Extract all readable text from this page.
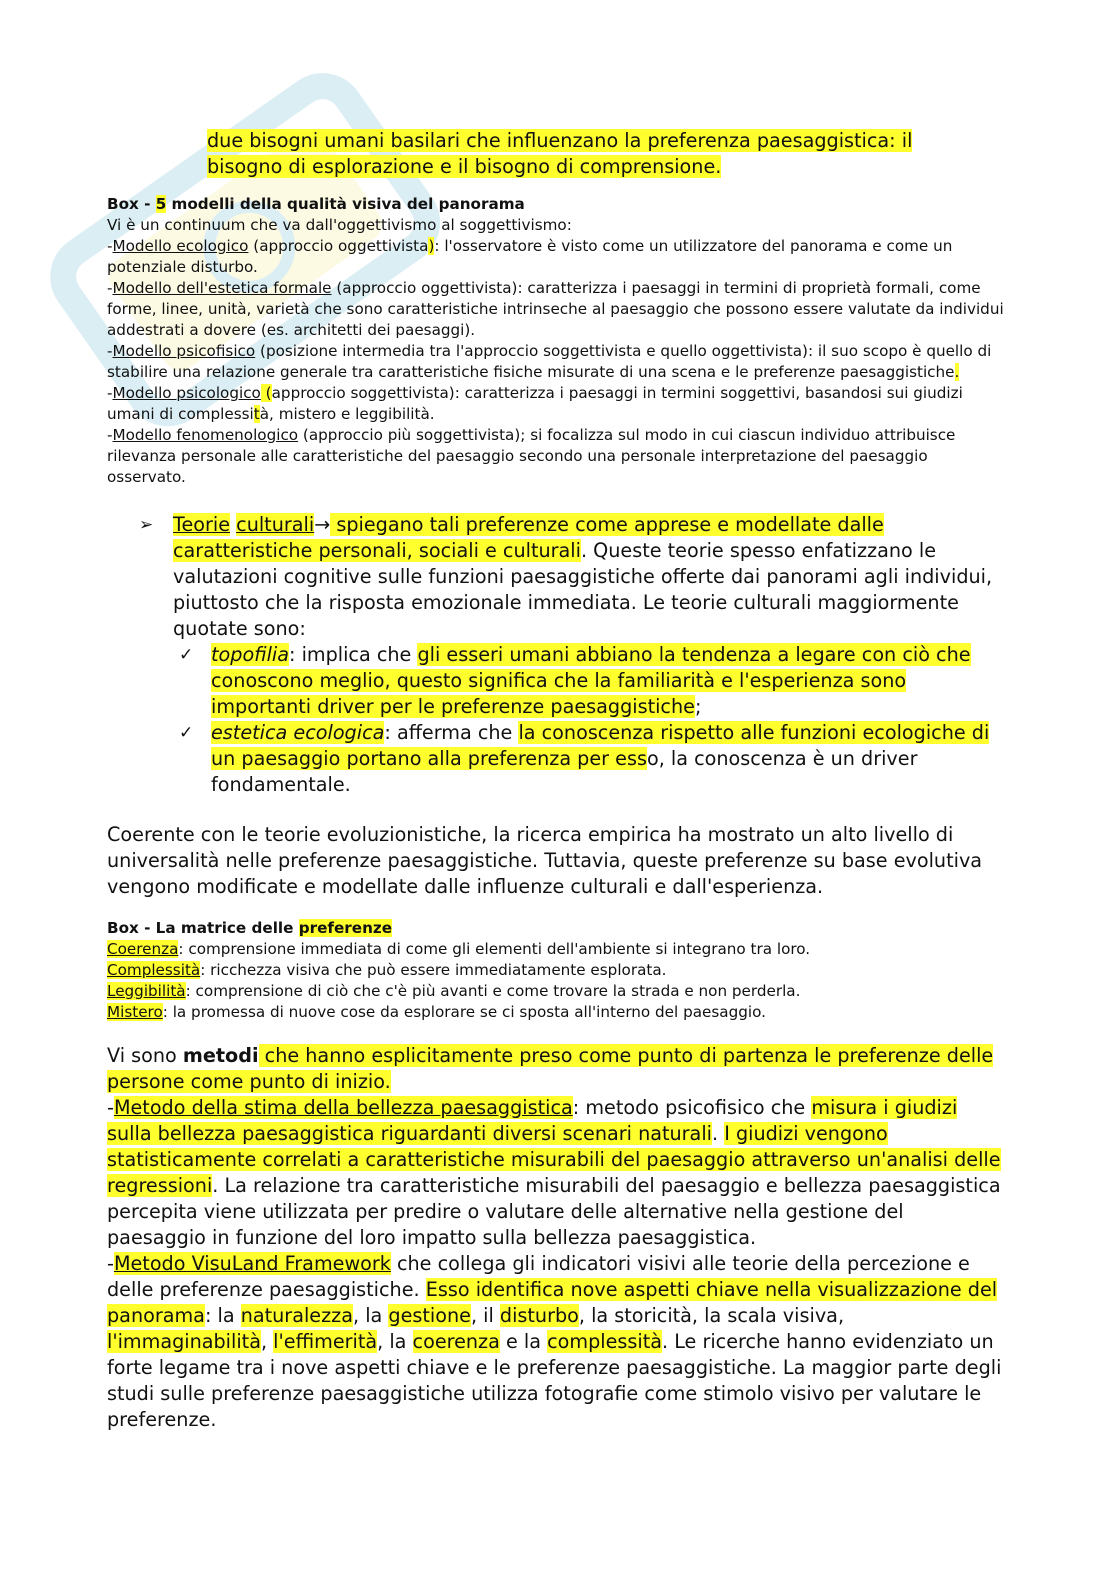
due bisogni umani basilari che influenzano la preferenza paesaggistica: il
bisogno di esplorazione e il bisogno di comprensione.

Box - 5 modelli della qualità visiva del panorama
Vi è un continuum che va dall'oggettivismo al soggettivismo:
-Modello ecologico (approccio oggettivista): l'osservatore è visto come un utilizzatore del panorama e come un potenziale disturbo.
-Modello dell'estetica formale (approccio oggettivista): caratterizza i paesaggi in termini di proprietà formali, come forme, linee, unità, varietà che sono caratteristiche intrinseche al paesaggio che possono essere valutate da individui addestrati a dovere (es. architetti dei paesaggi).
-Modello psicofisico (posizione intermedia tra l'approccio soggettivista e quello oggettivista): il suo scopo è quello di stabilire una relazione generale tra caratteristiche fisiche misurate di una scena e le preferenze paesaggistiche.
-Modello psicologico (approccio soggettivista): caratterizza i paesaggi in termini soggettivi, basandosi sui giudizi umani di complessità, mistero e leggibilità.
-Modello fenomenologico (approccio più soggettivista); si focalizza sul modo in cui ciascun individuo attribuisce rilevanza personale alle caratteristiche del paesaggio secondo una personale interpretazione del paesaggio osservato.
➢ Teorie culturali→ spiegano tali preferenze come apprese e modellate dalle caratteristiche personali, sociali e culturali. Queste teorie spesso enfatizzano le valutazioni cognitive sulle funzioni paesaggistiche offerte dai panorami agli individui, piuttosto che la risposta emozionale immediata. Le teorie culturali maggiormente quotate sono:
✓ topofilia: implica che gli esseri umani abbiano la tendenza a legare con ciò che conoscono meglio, questo significa che la familiarità e l'esperienza sono importanti driver per le preferenze paesaggistiche;
✓ estetica ecologica: afferma che la conoscenza rispetto alle funzioni ecologiche di un paesaggio portano alla preferenza per esso, la conoscenza è un driver fondamentale.

Coerente con le teorie evoluzionistiche, la ricerca empirica ha mostrato un alto livello di universalità nelle preferenze paesaggistiche. Tuttavia, queste preferenze su base evolutiva vengono modificate e modellate dalle influenze culturali e dall'esperienza.

Box - La matrice delle preferenze
Coerenza: comprensione immediata di come gli elementi dell'ambiente si integrano tra loro.
Complessità: ricchezza visiva che può essere immediatamente esplorata.
Leggibilità: comprensione di ciò che c'è più avanti e come trovare la strada e non perderla.
Mistero: la promessa di nuove cose da esplorare se ci sposta all'interno del paesaggio.
Vi sono metodi che hanno esplicitamente preso come punto di partenza le preferenze delle persone come punto di inizio.
-Metodo della stima della bellezza paesaggistica: metodo psicofisico che misura i giudizi sulla bellezza paesaggistica riguardanti diversi scenari naturali. I giudizi vengono statisticamente correlati a caratteristiche misurabili del paesaggio attraverso un'analisi delle regressioni. La relazione tra caratteristiche misurabili del paesaggio e bellezza paesaggistica percepita viene utilizzata per predire o valutare delle alternative nella gestione del paesaggio in funzione del loro impatto sulla bellezza paesaggistica.
-Metodo VisuLand Framework che collega gli indicatori visivi alle teorie della percezione e delle preferenze paesaggistiche. Esso identifica nove aspetti chiave nella visualizzazione del panorama: la naturalezza, la gestione, il disturbo, la storicità, la scala visiva, l'immaginabilità, l'effimerità, la coerenza e la complessità. Le ricerche hanno evidenziato un forte legame tra i nove aspetti chiave e le preferenze paesaggistiche. La maggior parte degli studi sulle preferenze paesaggistiche utilizza fotografie come stimolo visivo per valutare le preferenze.
